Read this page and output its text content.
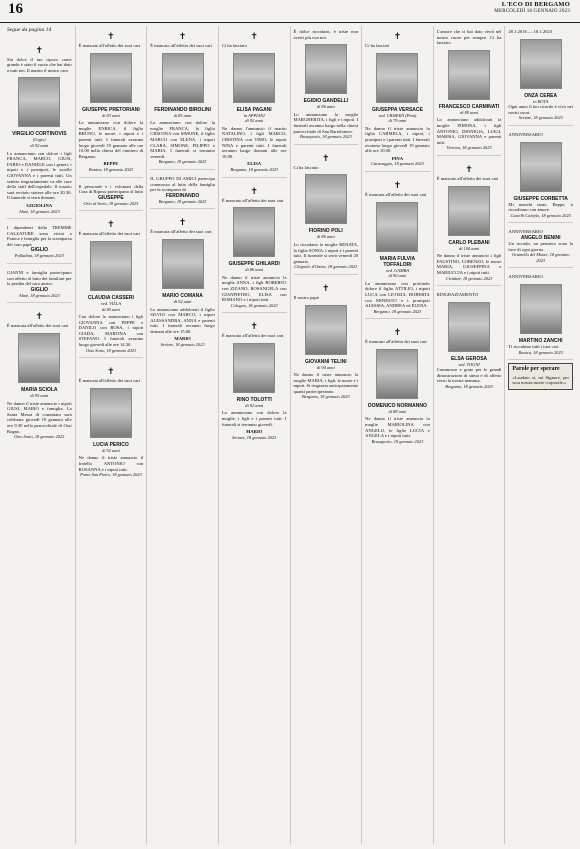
16	L'ECO DI BERGAMO
MERCOLEDÌ 18 GENNAIO 2023
Segue da pagina 14
✝
Sia dolce il tuo riposo come grande è stato il vuoto che hai dato a tutti noi. Il marito il nostro caro
VIRGILIO CORTINOVIS
(Gigio)
di 92 anni
Lo annunciano con dolore i figli FRANCA, MARCO, GIUSI, FABIO e DANIELE con i generi, i nipoti e i pronipoti, le sorelle GIOVANNA e i parenti tutti. Un sentito ringraziamento va alle cure dello staff dell'ospedale. Il rosario sarà recitato stasera alle ore 20.30. Il funerale si terrà domani.
GIGIOLINA
Almè, 18 gennaio 2023
I dipendenti della TREMME CALZATURE sono vicini a Franca e famiglia per la scomparsa del caro papà
GIGLIO
Palladina, 18 gennaio 2023
GIANNI e famiglia partecipano con affetto al lutto dei familiari per la perdita del caro amico
GIGLIO
Almè, 18 gennaio 2023
✝
È mancata all'affetto dei suoi cari
MARIA SCIOLA
di 95 anni
Ne danno il triste annuncio i nipoti GIUSI, MARIO e famiglia. La Santa Messa di commiato sarà celebrata giovedì 19 gennaio alle ore 9.30 nella parrocchiale di Ossi Rogno.
Osio Sotto, 18 gennaio 2023
✝
È mancato all'affetto dei suoi cari
GIUSEPPE PRETORIANI
di 83 anni
Lo annunciano con dolore la moglie ENRICA, il figlio BRUNO, le nuore, i nipoti e i parenti tutti. I funerali avranno luogo giovedì 19 gennaio alle ore 10.00 nella chiesa del cimitero di Bergamo.
BEPPE
Ranica, 18 gennaio 2023
Il personale e i volontari della Casa di Riposo partecipano al lutto
GIUSEPPE
Orio al Serio, 18 gennaio 2023
✝
È mancata all'affetto dei suoi cari
CLAUDIA CASSERI
ved. VILLA
di 85 anni
Con dolore lo annunciano i figli GIOVANNA con PEPPE e DANILO con ROSA, i nipoti GIADA, MARTINA con STEFANO. I funerali avranno luogo giovedì alle ore 14.30.
Osio Sotto, 18 gennaio 2023
✝
È mancata all'affetto dei suoi cari
LUCIA PERICO
di 92 anni
Ne danno il triste annuncio il fratello ANTONIO con ROSANNA e i nipoti tutti.
Ponte San Pietro, 18 gennaio 2023
✝
È mancato all'affetto dei suoi cari
FERDINANDO BIROLINI
di 85 anni
Lo annunciano con dolore la moglie FRANCA, la figlia CRISTINA con SIMONE, il figlio MARCO con ELENA, i nipoti CLARA, SIMONE, FILIPPO e MARIA. I funerali si terranno venerdì.
Bergamo, 18 gennaio 2023
IL GRUPPO DI AMICI partecipa commosso al lutto della famiglia per la scomparsa di
FERDINANDO
Bergamo, 18 gennaio 2023
✝
È mancata all'affetto dei suoi cari
MARIO COMANA
di 92 anni
Lo annunciano addolorati il figlio SILVIO con MARCO, i nipoti ALESSANDRA, ANNA e parenti tutti. I funerali avranno luogo domani alle ore 15.00.
MARIO
Seriate, 18 gennaio 2023
✝
Ci ha lasciato
ELISA PAGANI
in APPIANI
di 92 anni
Ne danno l'annuncio il marito NATALINO, i figli MARCO, CRISTINA con TIMO, le nipoti NINA e parenti tutti. I funerali avranno luogo domani alle ore 10.00.
ELISA
Bergamo, 18 gennaio 2023
✝
È mancato all'affetto dei suoi cari
GIUSEPPE GHILARDI
di 86 anni
Ne danno il triste annuncio la moglie ANNA, i figli ROBERTO con ZIZANO, ROSANGELA con GIANPIETRO, ELISA con ROMANO e i nipoti tutti.
Cologno, 18 gennaio 2023
✝
È mancato all'affetto dei suoi cari
RINO TOLOTTI
di 92 anni
Lo annunciano con dolore la moglie, i figli e i parenti tutti. I funerali si terranno giovedì.
MARIO
Seriate, 18 gennaio 2023
È dolce ricordarti, è triste non averti più con noi.
EGIDIO GANDELLI
di 86 anni
Lo annunciano la moglie MARGHERITA, i figli e i nipoti. I funerali avranno luogo nella chiesa parrocchiale di San Bartolomeo.
Brusaporto, 18 gennaio 2023
✝
Ci ha lasciato
FIORINO POLI
di 86 anni
Lo ricordano la moglie RENATA, la figlia SONIA, i nipoti e i parenti tutti. Il funerale si terrà venerdì 20 gennaio.
Chignolo d'Oneta, 18 gennaio 2023
✝
Il nostro papà
GIOVANNI TELINI
di 94 anni
Ne danno il triste annuncio la moglie MARIA, i figli, le nuore e i nipoti. Si ringrazia anticipatamente quanti parteciperanno.
Bergamo, 18 gennaio 2023
✝
Ci ha lasciati
GIUSEPPA VERSACE
ved. CRISERÀ (Pina)
di 79 anni
Ne danno il triste annuncio la figlia CARMELA, i nipoti, i pronipoti e i parenti tutti. I funerali avranno luogo giovedì 19 gennaio alle ore 10.00.
PINA
Caravaggio, 18 gennaio 2023
✝
È mancata all'affetto dei suoi cari
MARIA FULVIA TOFFALORI
ved. GAMBA
di 90 anni
La annunciano con profondo dolore il figlio ATTILIO, i nipoti LUCA con LETIZIA, ROBERTA con ERNESTO e i pronipoti ALESSIA, ANDREA ed ELENA.
Bergamo, 18 gennaio 2023
✝
È mancato all'affetto dei suoi cari
DOMENICO NORMANNO
di 88 anni
Ne danno il triste annuncio la moglie MARIOLINA con ANGELO, le figlie LUCIA e ANGELA e i nipoti tutti.
Brusaporto, 18 gennaio 2023
L'amore che ci hai dato vivrà nel nostro cuore per sempre. Ci ha lasciato
FRANCESCO CARMINATI
di 89 anni
Lo annunciano addolorati la moglie PIERINA, i figli ANTONIO, DIONIGIA, LUIGI, MARISA, GIOVANNA e parenti tutti.
Vertova, 18 gennaio 2023
✝
È mancato all'affetto dei suoi cari
CARLO PLEBANI
di 100 anni
Ne danno il triste annuncio i figli FAUSTINO, LORENZO, le nuore MARIA, GIUSEPPINA e MARIUCCIA e i nipoti tutti.
Cividate, 18 gennaio 2023
RINGRAZIAMENTO
ELSA GEROSA
ved. TOGNI
Commosse e grate per le grandi dimostrazioni di stima e di affetto verso la nostra mamma.
Bergamo, 18 gennaio 2023
28.1.2016 — 18.1.2023
ONZA CEREA
in ROTA
Ogni anno il tuo ricordo è vivo nei nostri cuori.
Seriate, 18 gennaio 2023
ANNIVERSARIO
GIUSEPPE CORBETTA
Mi manchi tanto. Beppe, ti ricordiamo con amore.
Castelli Calepio, 18 gennaio 2023
ANNIVERSARIO
ANGELO BENINI
Un ricordo, un pensiero sono la luce di ogni giorno.
Grumello del Monte, 18 gennaio 2023
ANNIVERSARIO
MARTINO ZANCHI
Ti ricordano tutti i tuoi cari.
Ranica, 18 gennaio 2023
Parole per sperare
«Laudato si, mi Signore, per sora nostra morte corporale.»
